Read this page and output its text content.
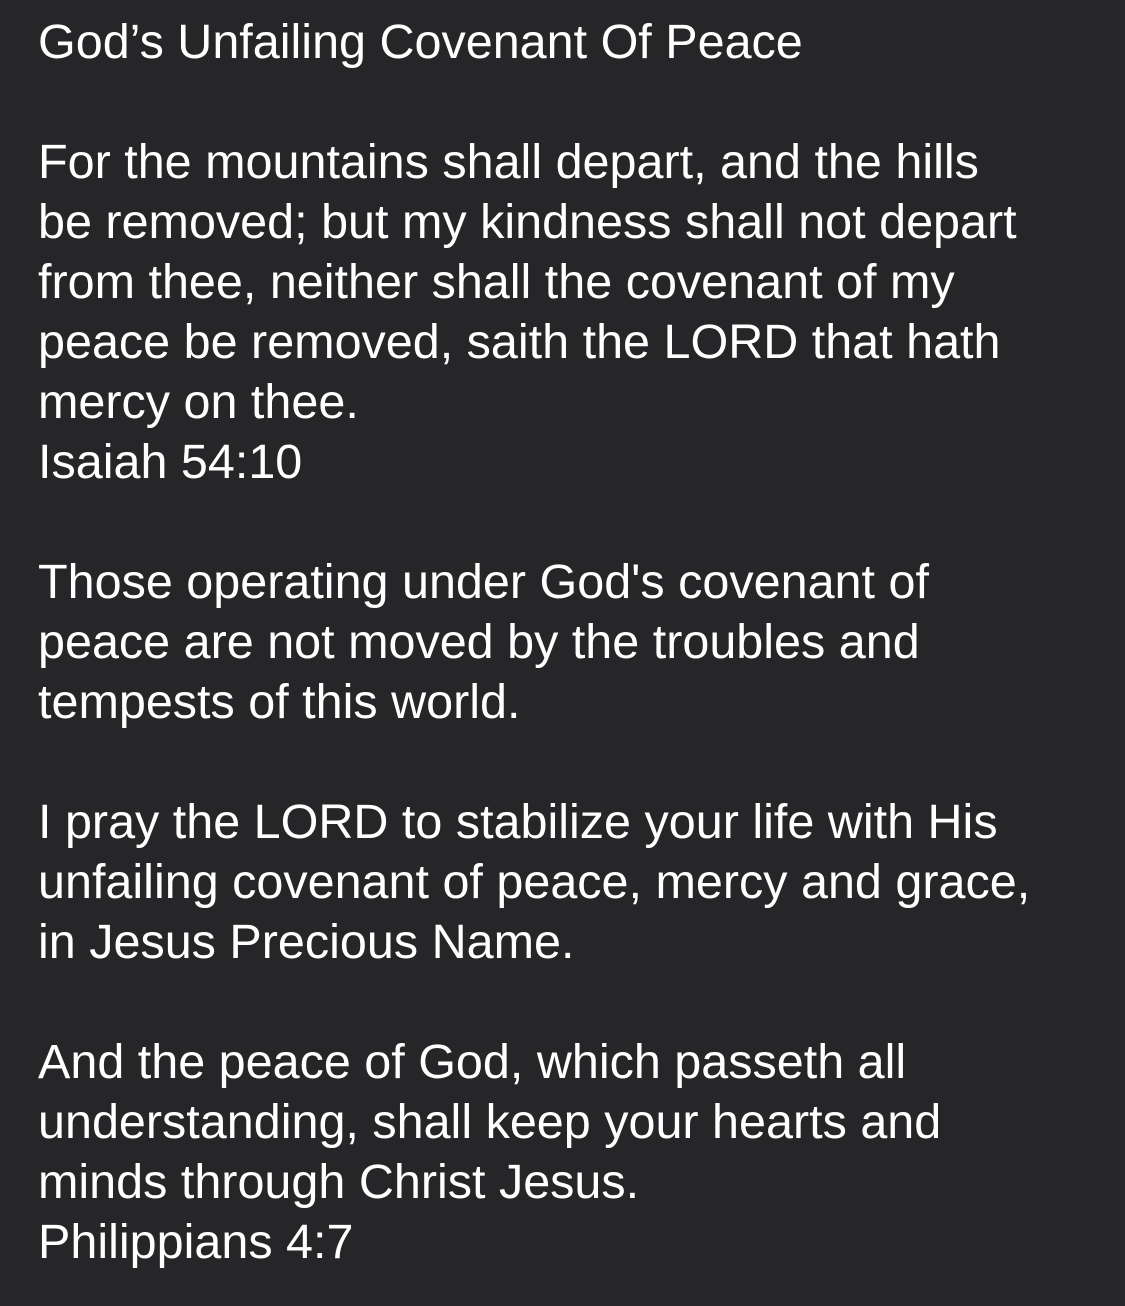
God’s Unfailing Covenant Of Peace
For the mountains shall depart, and the hills
be removed; but my kindness shall not depart
from thee, neither shall the covenant of my
peace be removed, saith the LORD that hath
mercy on thee.
Isaiah 54:10
Those operating under God's covenant of
peace are not moved by the troubles and
tempests of this world.
I pray the LORD to stabilize your life with His
unfailing covenant of peace, mercy and grace,
in Jesus Precious Name.
And the peace of God, which passeth all
understanding, shall keep your hearts and
minds through Christ Jesus.
Philippians 4:7
